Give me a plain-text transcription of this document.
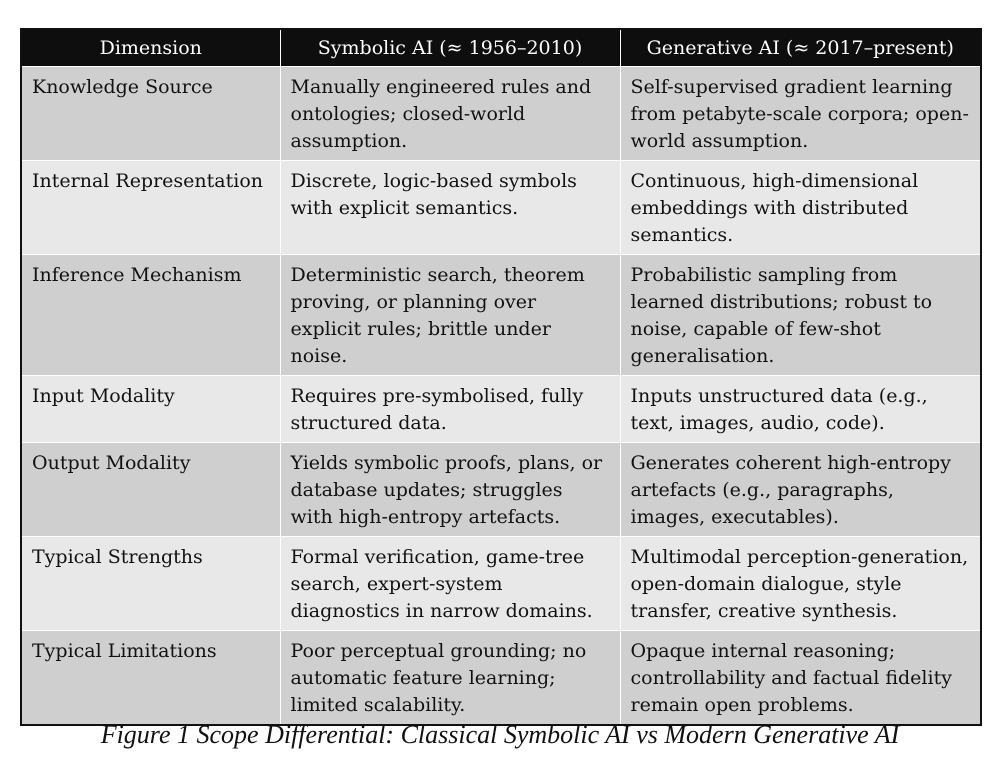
Dimension	Symbolic AI (≈ 1956–2010)	Generative AI (≈ 2017–present)
Knowledge Source	Manually engineered rules and ontologies; closed-world assumption.	Self-supervised gradient learning from petabyte-scale corpora; open-world assumption.
Internal Representation	Discrete, logic-based symbols with explicit semantics.	Continuous, high-dimensional embeddings with distributed semantics.
Inference Mechanism	Deterministic search, theorem proving, or planning over explicit rules; brittle under noise.	Probabilistic sampling from learned distributions; robust to noise, capable of few-shot generalisation.
Input Modality	Requires pre-symbolised, fully structured data.	Inputs unstructured data (e.g., text, images, audio, code).
Output Modality	Yields symbolic proofs, plans, or database updates; struggles with high-entropy artefacts.	Generates coherent high-entropy artefacts (e.g., paragraphs, images, executables).
Typical Strengths	Formal verification, game-tree search, expert-system diagnostics in narrow domains.	Multimodal perception-generation, open-domain dialogue, style transfer, creative synthesis.
Typical Limitations	Poor perceptual grounding; no automatic feature learning; limited scalability.	Opaque internal reasoning; controllability and factual fidelity remain open problems.
Figure 1 Scope Differential: Classical Symbolic AI vs Modern Generative AI
